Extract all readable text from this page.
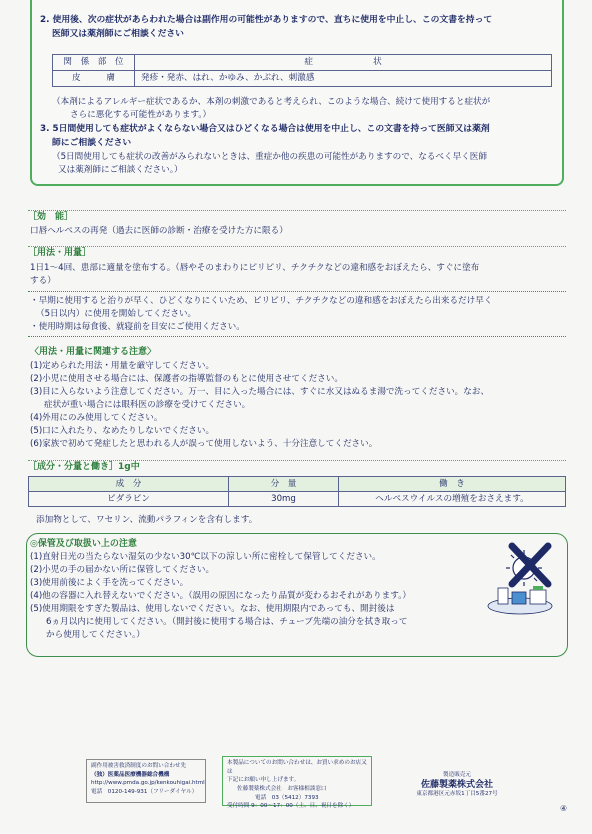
2. 使用後、次の症状があらわれた場合は副作用の可能性がありますので、直ちに使用を中止し、この文書を持って
医師又は薬剤師にご相談ください
関　係　部　位	症　　　　　　　状
皮　　　膚	発疹・発赤、はれ、かゆみ、かぶれ、刺激感
（本剤によるアレルギー症状であるか、本剤の刺激であると考えられ、このような場合、続けて使用すると症状が
さらに悪化する可能性があります。）
3. 5日間使用しても症状がよくならない場合又はひどくなる場合は使用を中止し、この文書を持って医師又は薬剤
師にご相談ください
（5日間使用しても症状の改善がみられないときは、重症か他の疾患の可能性がありますので、なるべく早く医師
又は薬剤師にご相談ください。）
［効　能］
口唇ヘルペスの再発（過去に医師の診断・治療を受けた方に限る）
［用法・用量］
1日1～4回、患部に適量を塗布する。（唇やそのまわりにピリピリ、チクチクなどの違和感をおぼえたら、すぐに塗布
する）
・早期に使用すると治りが早く、ひどくなりにくいため、ピリピリ、チクチクなどの違和感をおぼえたら出来るだけ早く
（5日以内）に使用を開始してください。
・使用時期は毎食後、就寝前を目安にご使用ください。
〈用法・用量に関連する注意〉
(1)定められた用法・用量を厳守してください。
(2)小児に使用させる場合には、保護者の指導監督のもとに使用させてください。
(3)目に入らないよう注意してください。万一、目に入った場合には、すぐに水又はぬるま湯で洗ってください。なお、
症状が重い場合には眼科医の診療を受けてください。
(4)外用にのみ使用してください。
(5)口に入れたり、なめたりしないでください。
(6)家族で初めて発症したと思われる人が誤って使用しないよう、十分注意してください。
［成分・分量と働き］1g中
成　分	分　量	働　き
ビダラビン	30mg	ヘルペスウイルスの増殖をおさえます。
添加物として、ワセリン、流動パラフィンを含有します。
◎保管及び取扱い上の注意
(1)直射日光の当たらない湿気の少ない30℃以下の涼しい所に密栓して保管してください。
(2)小児の手の届かない所に保管してください。
(3)使用前後によく手を洗ってください。
(4)他の容器に入れ替えないでください。（誤用の原因になったり品質が変わるおそれがあります。）
(5)使用期限をすぎた製品は、使用しないでください。なお、使用期限内であっても、開封後は
6ヵ月以内に使用してください。（開封後に使用する場合は、チューブ先端の油分を拭き取って
から使用してください。）
副作用被害救済制度のお問い合わせ先
（独）医薬品医療機器総合機構
http://www.pmda.go.jp/kenkouhigai.html
電話　0120-149-931（フリーダイヤル）
本製品についてのお問い合わせは、お買い求めのお店又は
下記にお願い申し上げます。
佐藤製薬株式会社　お客様相談窓口
電話　03（5412）7393
受付時間 9：00～17：00（土、日、祝日を除く）
製造販売元
佐藤製薬株式会社
東京都港区元赤坂1丁目5番27号
④
